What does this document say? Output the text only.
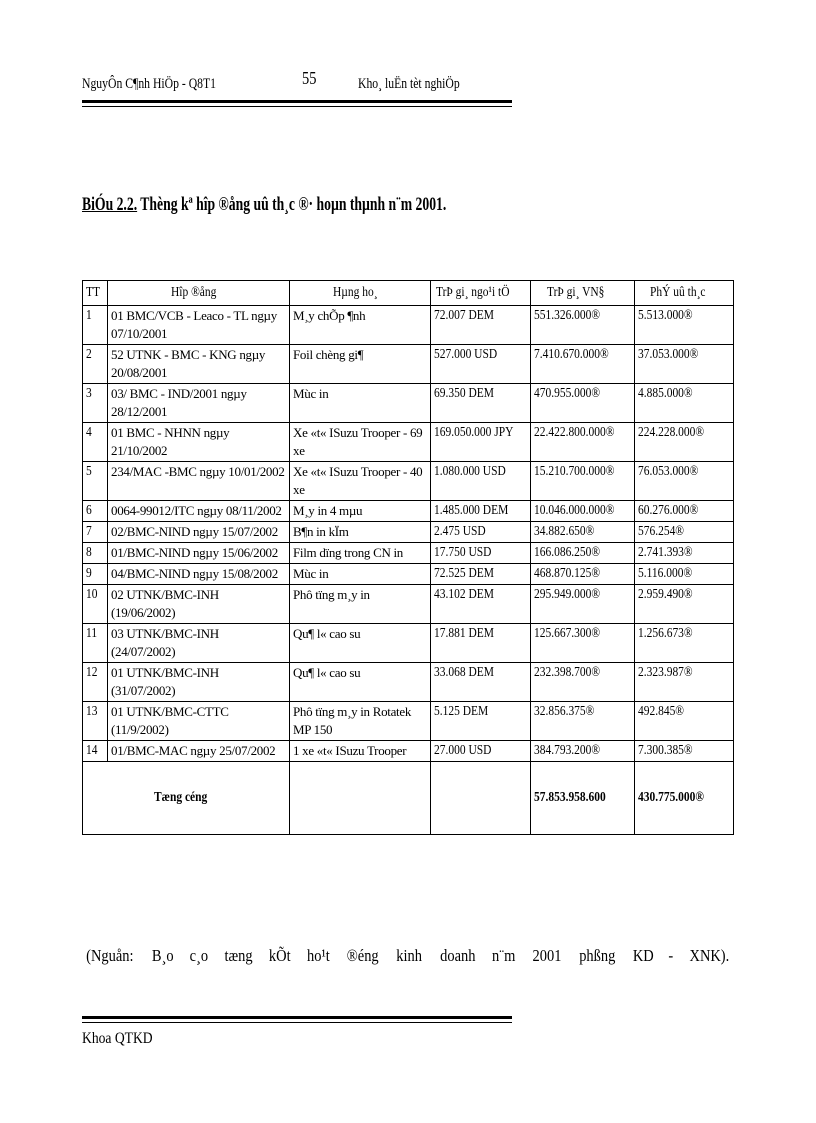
NguyÔn C¶nh HiÖp - Q8T1	55	Kho¸ luËn tèt nghiÖp
BiÓu 2.2. Thèng kª hîp ®ång uû th¸c ®· hoµn thµnh n¨m 2001.
TT	Hîp ®ång	Hµng ho¸	TrÞ gi¸ ngo¹i tÖ	TrÞ gi¸ VN§	PhÝ uû th¸c
1	01 BMC/VCB - Leaco - TL ngµy 07/10/2001	M¸y chÕp ¶nh	72.007 DEM	551.326.000®	5.513.000®
2	52 UTNK - BMC - KNG ngµy 20/08/2001	Foil chèng gi¶	527.000 USD	7.410.670.000®	37.053.000®
3	03/ BMC - IND/2001 ngµy 28/12/2001	Mùc in	69.350 DEM	470.955.000®	4.885.000®
4	01 BMC - NHNN ngµy 21/10/2002	Xe «t« ISuzu Trooper - 69 xe	169.050.000 JPY	22.422.800.000®	224.228.000®
5	234/MAC -BMC ngµy 10/01/2002	Xe «t« ISuzu Trooper - 40 xe	1.080.000 USD	15.210.700.000®	76.053.000®
6	0064-99012/ITC ngµy 08/11/2002	M¸y in 4 mµu	1.485.000 DEM	10.046.000.000®	60.276.000®
7	02/BMC-NIND ngµy 15/07/2002	B¶n in kÏm	2.475 USD	34.882.650®	576.254®
8	01/BMC-NIND ngµy 15/06/2002	Film dïng trong CN in	17.750 USD	166.086.250®	2.741.393®
9	04/BMC-NIND ngµy 15/08/2002	Mùc in	72.525 DEM	468.870.125®	5.116.000®
10	02 UTNK/BMC-INH (19/06/2002)	Phô tïng m¸y in	43.102 DEM	295.949.000®	2.959.490®
11	03 UTNK/BMC-INH (24/07/2002)	Qu¶ l« cao su	17.881 DEM	125.667.300®	1.256.673®
12	01 UTNK/BMC-INH (31/07/2002)	Qu¶ l« cao su	33.068 DEM	232.398.700®	2.323.987®
13	01 UTNK/BMC-CTTC (11/9/2002)	Phô tïng m¸y in Rotatek MP 150	5.125 DEM	32.856.375®	492.845®
14	01/BMC-MAC ngµy 25/07/2002	1 xe «t« ISuzu Trooper	27.000 USD	384.793.200®	7.300.385®
Tæng céng				57.853.958.600	430.775.000®
(Nguån: B¸o c¸o tæng kÕt ho¹t ®éng kinh doanh n¨m 2001 phßng KD - XNK).
Khoa QTKD
